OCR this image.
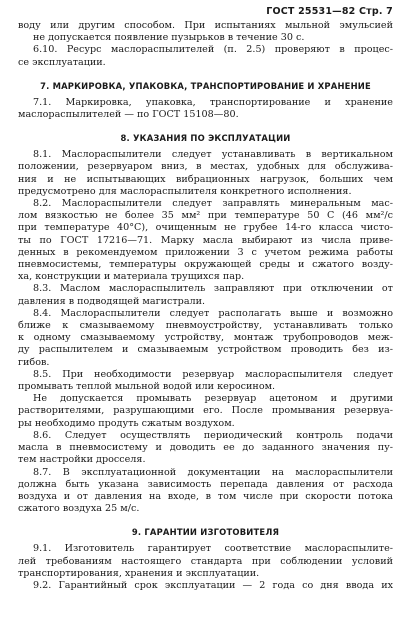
ГОСТ 25531—82 Стр. 7
воду или другим способом. При испытаниях мыльной эмульсией
не допускается появление пузырьков в течение 30 с.
6.10. Ресурс маслораспылителей (п. 2.5) проверяют в процес-
се эксплуатации.
7. МАРКИРОВКА, УПАКОВКА, ТРАНСПОРТИРОВАНИЕ И ХРАНЕНИЕ
7.1. Маркировка, упаковка, транспортирование и хранение
маслораспылителей — по ГОСТ 15108—80.
8. УКАЗАНИЯ ПО ЭКСПЛУАТАЦИИ
8.1. Маслораспылители следует устанавливать в вертикальном
положении, резервуаром вниз, в местах, удобных для обслужива-
ния и не испытывающих вибрационных нагрузок, больших чем
предусмотрено для маслораспылителя конкретного исполнения.
8.2. Маслораспылители следует заправлять минеральным мас-
лом вязкостью не более 35 мм² при температуре 50 С (46 мм²/с
при температуре 40°С), очищенным не грубее 14-го класса чисто-
ты по ГОСТ 17216—71. Марку масла выбирают из числа приве-
денных в рекомендуемом приложении 3 с учетом режима работы
пневмосистемы, температуры окружающей среды и сжатого возду-
ха, конструкции и материала трущихся пар.
8.3. Маслом маслораспылитель заправляют при отключении от
давления в подводящей магистрали.
8.4. Маслораспылители следует располагать выше и возможно
ближе к смазываемому пневмоустройству, устанавливать только
к одному смазываемому устройству, монтаж трубопроводов меж-
ду распылителем и смазываемым устройством проводить без из-
гибов.
8.5. При необходимости резервуар маслораспылителя следует
промывать теплой мыльной водой или керосином.
Не допускается промывать резервуар ацетоном и другими
растворителями, разрушающими его. После промывания резервуа-
ры необходимо продуть сжатым воздухом.
8.6. Следует осуществлять периодический контроль подачи
масла в пневмосистему и доводить ее до заданного значения пу-
тем настройки дросселя.
8.7. В эксплуатационной документации на маслораспылители
должна быть указана зависимость перепада давления от расхода
воздуха и от давления на входе, в том числе при скорости потока
сжатого воздуха 25 м/с.
9. ГАРАНТИИ ИЗГОТОВИТЕЛЯ
9.1. Изготовитель гарантирует соответствие маслораспылите-
лей требованиям настоящего стандарта при соблюдении условий
транспортирования, хранения и эксплуатации.
9.2. Гарантийный срок эксплуатации — 2 года со дня ввода их
